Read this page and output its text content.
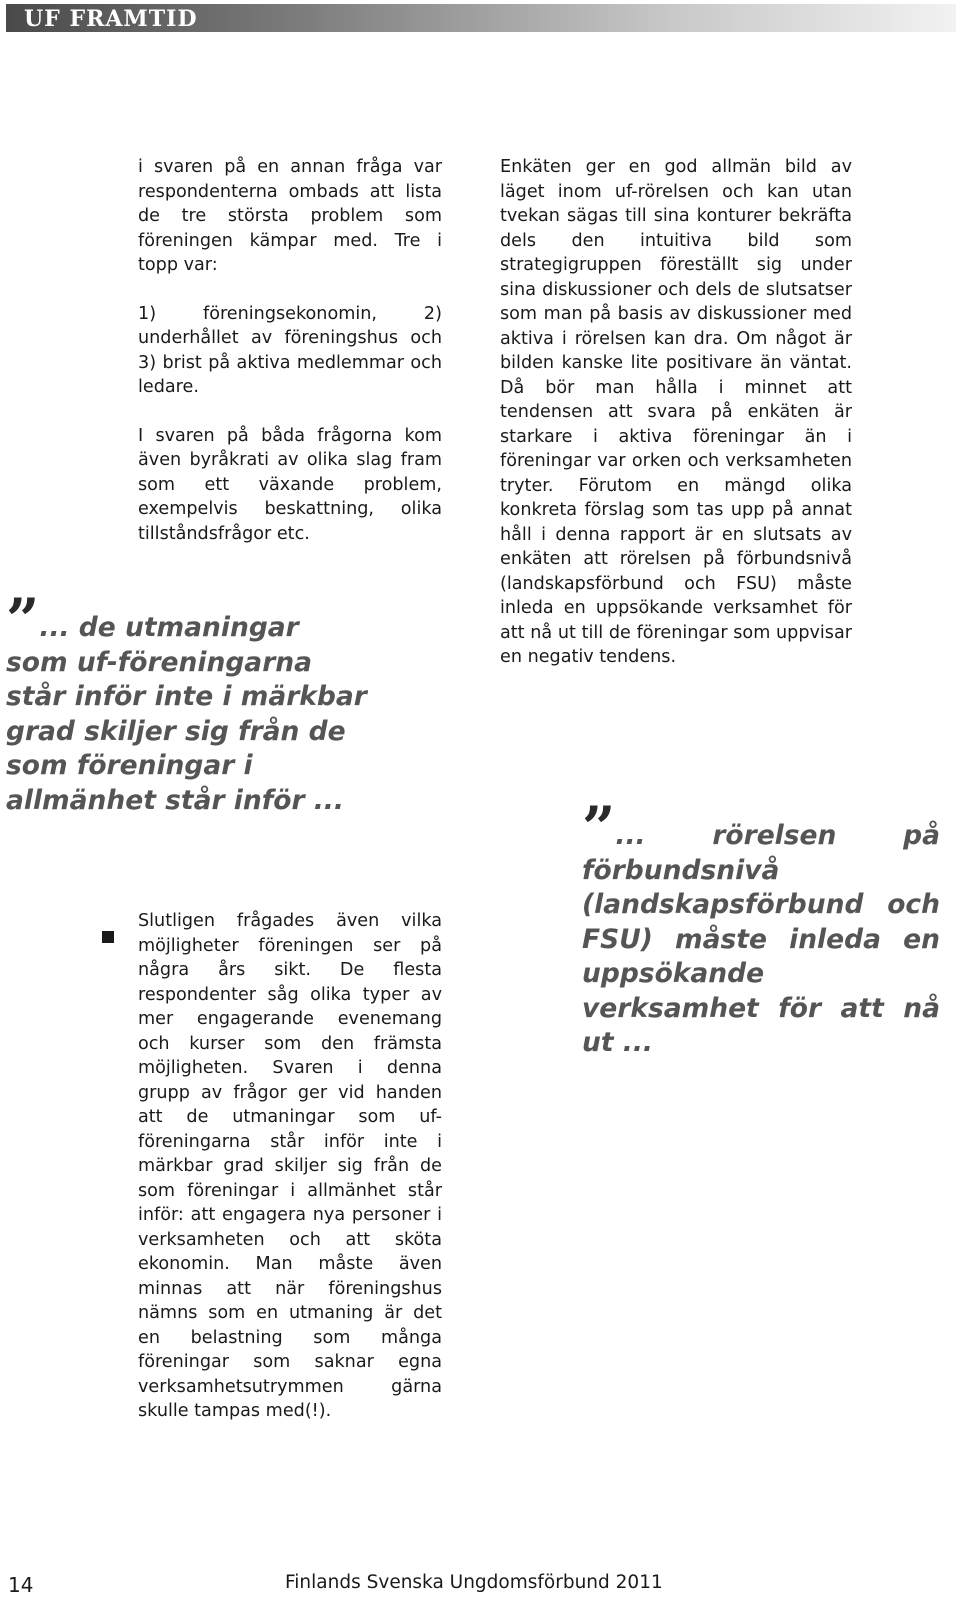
UF FRAMTID

i svaren på en annan fråga var respondenterna ombads att lista de tre största problem som föreningen kämpar med. Tre i topp var:

1) föreningsekonomin, 2) underhållet av föreningshus och 3) brist på aktiva medlemmar och ledare.

I svaren på båda frågorna kom även byråkrati av olika slag fram som ett växande problem, exempelvis beskattning, olika tillståndsfrågor etc.

Enkäten ger en god allmän bild av läget inom uf-rörelsen och kan utan tvekan sägas till sina konturer bekräfta dels den intuitiva bild som strategigruppen föreställt sig under sina diskussioner och dels de slutsatser som man på basis av diskussioner med aktiva i rörelsen kan dra. Om något är bilden kanske lite positivare än väntat. Då bör man hålla i minnet att tendensen att svara på enkäten är starkare i aktiva föreningar än i föreningar var orken och verksamheten tryter. Förutom en mängd olika konkreta förslag som tas upp på annat håll i denna rapport är en slutsats av enkäten att rörelsen på förbundsnivå (landskapsförbund och FSU) måste inleda en uppsökande verksamhet för att nå ut till de föreningar som uppvisar en negativ tendens.

”... de utmaningar som uf-föreningarna står inför inte i märkbar grad skiljer sig från de som föreningar i allmänhet står inför ...	”... rörelsen på förbundsnivå (landskapsförbund och FSU) måste inleda en uppsökande verksamhet för att nå ut ...

Slutligen frågades även vilka möjligheter föreningen ser på några års sikt. De flesta respondenter såg olika typer av mer engagerande evenemang och kurser som den främsta möjligheten. Svaren i denna grupp av frågor ger vid handen att de utmaningar som uf-föreningarna står inför inte i märkbar grad skiljer sig från de som föreningar i allmänhet står inför: att engagera nya personer i verksamheten och att sköta ekonomin. Man måste även minnas att när föreningshus nämns som en utmaning är det en belastning som många föreningar som saknar egna verksamhetsutrymmen gärna skulle tampas med(!).

14	Finlands Svenska Ungdomsförbund 2011
